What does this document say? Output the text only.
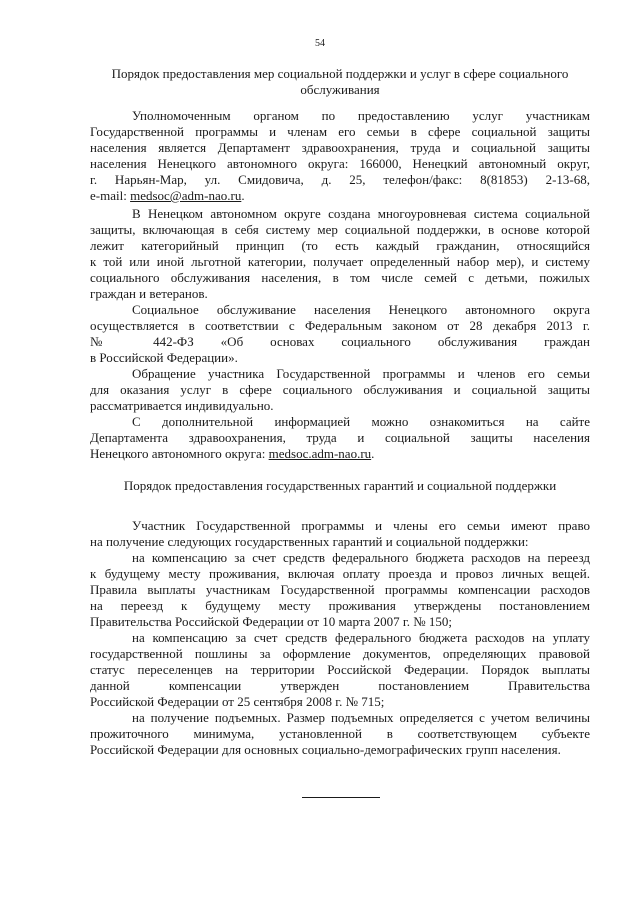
54
Порядок предоставления мер социальной поддержки и услуг в сфере социального
обслуживания
Уполномоченным органом по предоставлению услуг участникам
Государственной программы и членам его семьи в сфере социальной защиты
населения является Департамент здравоохранения, труда и социальной защиты
населения Ненецкого автономного округа: 166000, Ненецкий автономный округ,
г. Нарьян-Мар, ул. Смидовича, д. 25, телефон/факс: 8(81853) 2-13-68,
e-mail: medsoc@adm-nao.ru.
В Ненецком автономном округе создана многоуровневая система социальной
защиты, включающая в себя систему мер социальной поддержки, в основе которой
лежит категорийный принцип (то есть каждый гражданин, относящийся
к той или иной льготной категории, получает определенный набор мер), и систему
социального обслуживания населения, в том числе семей с детьми, пожилых
граждан и ветеранов.
Социальное обслуживание населения Ненецкого автономного округа
осуществляется в соответствии с Федеральным законом от 28 декабря 2013 г.
№ 442-ФЗ «Об основах социального обслуживания граждан
в Российской Федерации».
Обращение участника Государственной программы и членов его семьи
для оказания услуг в сфере социального обслуживания и социальной защиты
рассматривается индивидуально.
С дополнительной информацией можно ознакомиться на сайте
Департамента здравоохранения, труда и социальной защиты населения
Ненецкого автономного округа: medsoc.adm-nao.ru.
Порядок предоставления государственных гарантий и социальной поддержки
Участник Государственной программы и члены его семьи имеют право
на получение следующих государственных гарантий и социальной поддержки:
на компенсацию за счет средств федерального бюджета расходов на переезд
к будущему месту проживания, включая оплату проезда и провоз личных вещей.
Правила выплаты участникам Государственной программы компенсации расходов
на переезд к будущему месту проживания утверждены постановлением
Правительства Российской Федерации от 10 марта 2007 г. № 150;
на компенсацию за счет средств федерального бюджета расходов на уплату
государственной пошлины за оформление документов, определяющих правовой
статус переселенцев на территории Российской Федерации. Порядок выплаты
данной компенсации утвержден постановлением Правительства
Российской Федерации от 25 сентября 2008 г. № 715;
на получение подъемных. Размер подъемных определяется с учетом величины
прожиточного минимума, установленной в соответствующем субъекте
Российской Федерации для основных социально-демографических групп населения.
